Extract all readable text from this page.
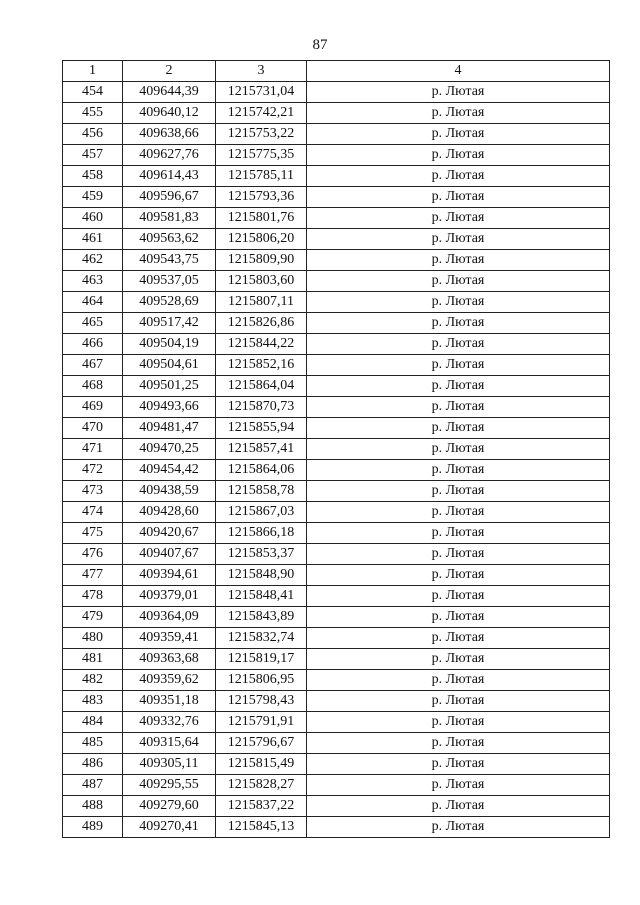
87
1	2	3	4
454	409644,39	1215731,04	р. Лютая
455	409640,12	1215742,21	р. Лютая
456	409638,66	1215753,22	р. Лютая
457	409627,76	1215775,35	р. Лютая
458	409614,43	1215785,11	р. Лютая
459	409596,67	1215793,36	р. Лютая
460	409581,83	1215801,76	р. Лютая
461	409563,62	1215806,20	р. Лютая
462	409543,75	1215809,90	р. Лютая
463	409537,05	1215803,60	р. Лютая
464	409528,69	1215807,11	р. Лютая
465	409517,42	1215826,86	р. Лютая
466	409504,19	1215844,22	р. Лютая
467	409504,61	1215852,16	р. Лютая
468	409501,25	1215864,04	р. Лютая
469	409493,66	1215870,73	р. Лютая
470	409481,47	1215855,94	р. Лютая
471	409470,25	1215857,41	р. Лютая
472	409454,42	1215864,06	р. Лютая
473	409438,59	1215858,78	р. Лютая
474	409428,60	1215867,03	р. Лютая
475	409420,67	1215866,18	р. Лютая
476	409407,67	1215853,37	р. Лютая
477	409394,61	1215848,90	р. Лютая
478	409379,01	1215848,41	р. Лютая
479	409364,09	1215843,89	р. Лютая
480	409359,41	1215832,74	р. Лютая
481	409363,68	1215819,17	р. Лютая
482	409359,62	1215806,95	р. Лютая
483	409351,18	1215798,43	р. Лютая
484	409332,76	1215791,91	р. Лютая
485	409315,64	1215796,67	р. Лютая
486	409305,11	1215815,49	р. Лютая
487	409295,55	1215828,27	р. Лютая
488	409279,60	1215837,22	р. Лютая
489	409270,41	1215845,13	р. Лютая
